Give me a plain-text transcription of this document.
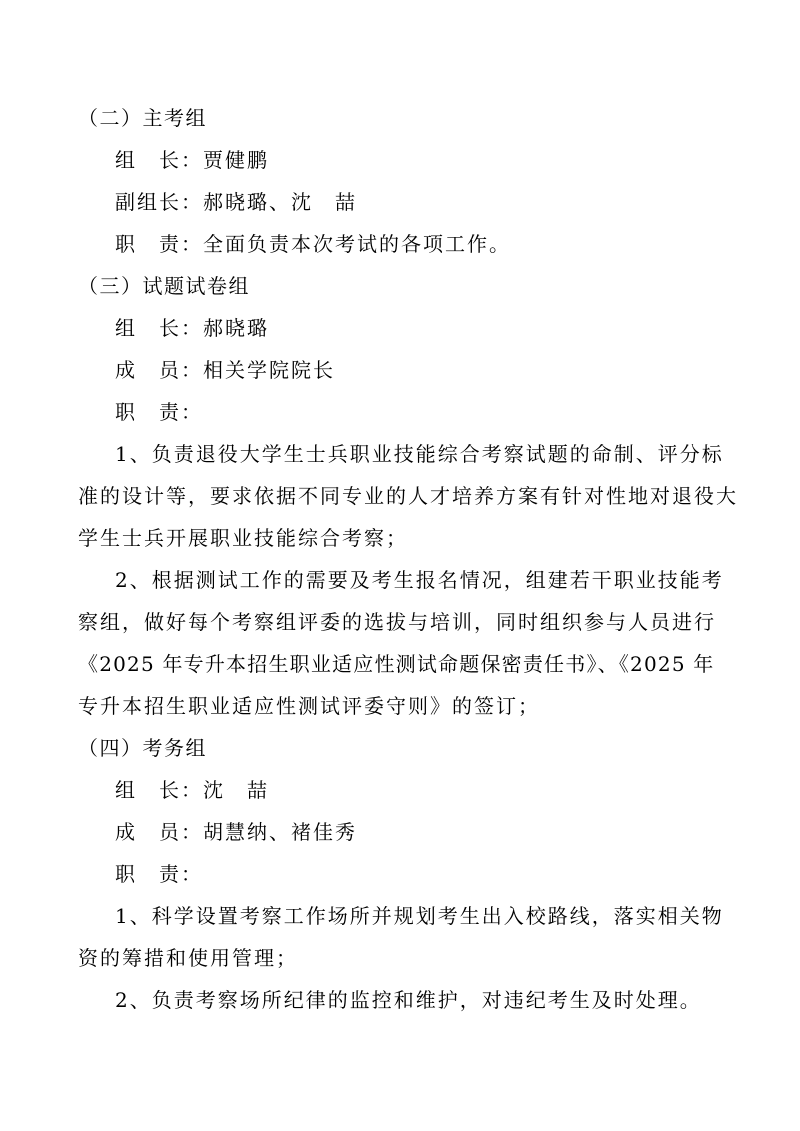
（二）主考组
组　长：贾健鹏
副组长：郝晓璐、沈　喆
职　责：全面负责本次考试的各项工作。
（三）试题试卷组
组　长：郝晓璐
成　员：相关学院院长
职　责：
1、负责退役大学生士兵职业技能综合考察试题的命制、评分标
准的设计等，要求依据不同专业的人才培养方案有针对性地对退役大
学生士兵开展职业技能综合考察；
2、根据测试工作的需要及考生报名情况，组建若干职业技能考
察组，做好每个考察组评委的选拔与培训，同时组织参与人员进行
《2025 年专升本招生职业适应性测试命题保密责任书》、《2025 年
专升本招生职业适应性测试评委守则》的签订；
（四）考务组
组　长：沈　喆
成　员：胡慧纳、褚佳秀
职　责：
1、科学设置考察工作场所并规划考生出入校路线，落实相关物
资的筹措和使用管理；
2、负责考察场所纪律的监控和维护，对违纪考生及时处理。
